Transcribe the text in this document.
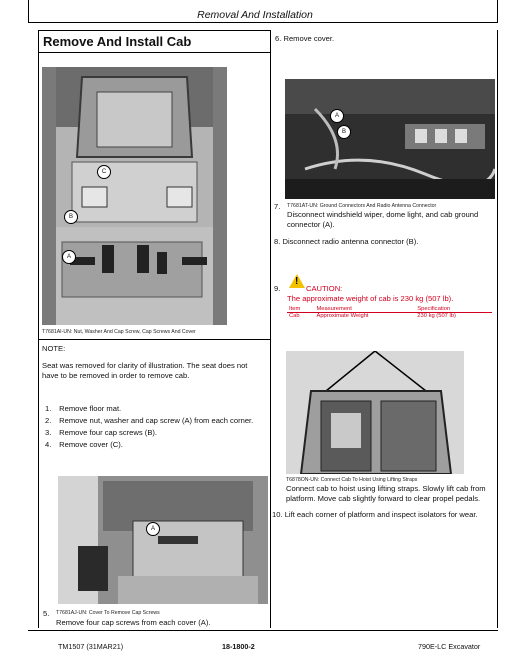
Removal And Installation
Remove And Install Cab
C
B
A
T7681AI-UN: Nut, Washer And Cap Screw, Cap Screws And Cover
NOTE:
Seat was removed for clarity of illustration. The seat does not have to be removed in order to remove cab.
1. Remove floor mat.
2. Remove nut, washer and cap screw (A) from each corner.
3. Remove four cap screws (B).
4. Remove cover (C).
A
5. T7681AJ-UN: Cover To Remove Cap Screws
Remove four cap screws from each cover (A).
6. Remove cover.
A
B
7. T7681AT-UN: Ground Connectors And Radio Antenna Connector
Disconnect windshield wiper, dome light, and cab ground connector (A).
8. Disconnect radio antenna connector (B).
9.
!	CAUTION:
The approximate weight of cab is 230 kg (507 lb).
Item	Measurement	Specification
Cab	Approximate Weight	230 kg (507 lb)
T6878ON-UN: Connect Cab To Hoist Using Lifting Straps
Connect cab to hoist using lifting straps. Slowly lift cab from platform. Move cab slightly forward to clear propel pedals.
10. Lift each corner of platform and inspect isolators for wear.
TM1507 (31MAR21)	18-1800-2	790E-LC Excavator
